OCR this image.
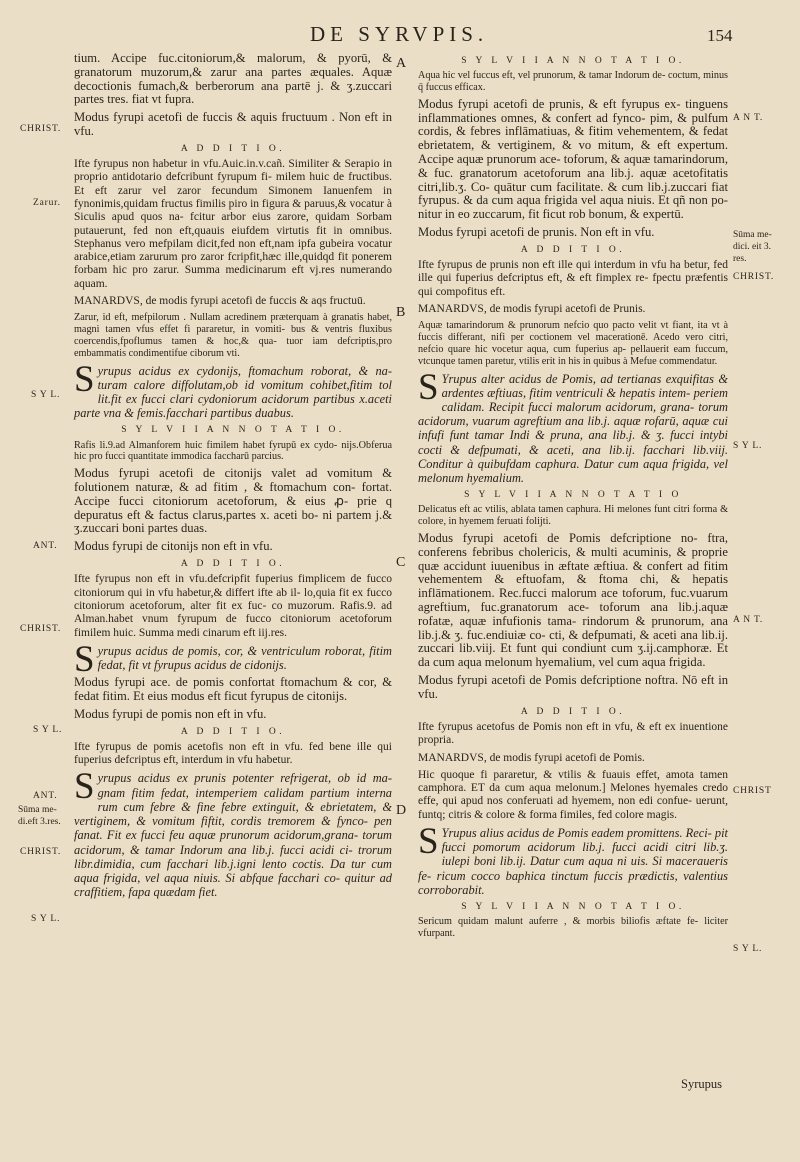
DE SYRVPIS.	154
CHRIST.
Zarur.
S Y L.
ANT.
CHRIST.
S Y L.
ANT.
Sūma me-
di.eft 3.res.
CHRIST.
S Y L.
A
B
C
D
A N T.
Sūma me-
dici. eit 3.
res.
CHRIST.
S Y L.
A N T.
CHRIST
S Y L.
tium. Accipe fuc.citoniorum,& malorum, & pyorū, & granatorum muzorum,& zarur ana partes æquales. Aquæ decoctionis fumach,& berberorum ana partē j. & ʒ.zuccari partes tres. fiat vt fupra.
Modus fyrupi acetofi de fuccis & aquis fructuum . Non eft in vfu.
A D D I T I O.
Ifte fyrupus non habetur in vfu.Auic.in.v.cañ. Similiter & Serapio in proprio antidotario defcribunt fyrupum fi- milem huic de fructibus. Et eft zarur vel zaror fecundum Simonem Ianuenfem in fynonimis,quidam fructus fimilis piro in figura & paruus,& vocatur à Siculis apud quos na- fcitur arbor eius zarore, quidam Sorbam putauerunt, fed non eft,quauis eiufdem virtutis fit in omnibus. Stephanus vero mefpilam dicit,fed non eft,nam ipfa gubeira vocatur arabice,etiam zarurum pro zaror fcripfit,hæc ille,quidqd fit ponerem forbam hic pro zarur. Summa medicinarum eft vj.res numerando aquam.
MANARDVS, de modis fyrupi acetofi de fuccis & aqs fructuū.
Zarur, id eft, mefpilorum . Nullam acredinem præterquam à granatis habet, magni tamen vfus effet fi pararetur, in vomiti- bus & ventris fluxibus coercendis,fpoflumus tamen & hoc,& qua- tuor iam defcriptis,pro embammatis condimentifue ciborum vti.
Syrupus acidus ex cydonijs, ftomachum roborat, & na- turam calore diffolutam,ob id vomitum cohibet,fitim tol lit.fit ex fucci clari cydoniorum acidorum partibus x.aceti parte vna & femis.facchari partibus duabus.
S Y L V I I A N N O T A T I O.
Rafis li.9.ad Almanforem huic fimilem habet fyrupū ex cydo- nijs.Obferua hic pro fucci quantitate immodica faccharū parcius.
Modus fyrupi acetofi de citonijs valet ad vomitum & folutionem naturæ, & ad fitim , & ftomachum con- fortat. Accipe fucci citoniorum acetoforum, & eius ꝓ- prie q depuratus eft & factus clarus,partes x. aceti bo- ni partem j.& ʒ.zuccari boni partes duas.
Modus fyrupi de citonijs non eft in vfu.
A D D I T I O.
Ifte fyrupus non eft in vfu.defcripfit fuperius fimplicem de fucco citoniorum qui in vfu habetur,& differt ifte ab il- lo,quia fit ex fucco citoniorum acetoforum, alter fit ex fuc- co muzorum. Rafis.9. ad Alman.habet vnum fyrupum de fucco citoniorum acetoforum fimilem huic. Summa medi cinarum eft iij.res.
Syrupus acidus de pomis, cor, & ventriculum roborat, fitim fedat, fit vt fyrupus acidus de cidonijs.
Modus fyrupi ace. de pomis confortat ftomachum & cor, & fedat fitim. Et eius modus eft ficut fyrupus de citonijs.
Modus fyrupi de pomis non eft in vfu.
A D D I T I O.
Ifte fyrupus de pomis acetofis non eft in vfu. fed bene ille qui fuperius defcriptus eft, interdum in vfu habetur.
Syrupus acidus ex prunis potenter refrigerat, ob id ma- gnam fitim fedat, intemperiem calidam partium interna rum cum febre & fine febre extinguit, & ebrietatem, & vertiginem, & vomitum fiftit, cordis tremorem & fynco- pen fanat. Fit ex fucci feu aquæ prunorum acidorum,grana- torum acidorum, & tamar Indorum ana lib.j. fucci acidi ci- trorum libr.dimidia, cum facchari lib.j.igni lento coctis. Da tur cum aqua frigida, vel aqua niuis. Si abfque facchari co- quitur ad craffitiem, fapa quædam fiet.
S Y L V I I A N N O T A T I O.
Aqua hic vel fuccus eft, vel prunorum, & tamar Indorum de- coctum, minus q̄ fuccus efficax.
Modus fyrupi acetofi de prunis, & eft fyrupus ex- tinguens inflammationes omnes, & confert ad fynco- pim, & pulfum cordis, & febres inflāmatiuas, & fitim vehementem, & fedat ebrietatem, & vertiginem, & vo mitum, & eft expertum. Accipe aquæ prunorum ace- toforum, & aquæ tamarindorum, & fuc. granatorum acetoforum ana lib.j. aquæ acetofitatis citri,lib.ʒ. Co- quātur cum facilitate. & cum lib.j.zuccari fiat fyrupus. & da cum aqua frigida vel aqua niuis. Et qñ non po- nitur in eo zuccarum, fit ficut rob bonum, & expertū.
Modus fyrupi acetofi de prunis. Non eft in vfu.
A D D I T I O.
Ifte fyrupus de prunis non eft ille qui interdum in vfu ha betur, fed ille qui fuperius defcriptus eft, & eft fimplex re- fpectu præfentis qui compofitus eft.
MANARDVS, de modis fyrupi acetofi de Prunis.
Aquæ tamarindorum & prunorum nefcio quo pacto velit vt fiant, ita vt à fuccis differant, nifi per coctionem vel macerationē. Acedo vero citri, nefcio quare hic vocetur aqua, cum fuperius ap- pellauerit eam fuccum, vtcunque tamen paretur, vtilis erit in his in quibus à Mefue commendatur.
S Yrupus alter acidus de Pomis, ad tertianas exquifitas & ardentes æftiuas, fitim ventriculi & hepatis intem- periem calidam. Recipit fucci malorum acidorum, grana- torum acidorum, vuarum agreftium ana lib.j. aquæ rofarū, aquæ cui infufi funt tamar Indi & pruna, ana lib.j. & ʒ. fucci intybi cocti & defpumati, & aceti, ana lib.ij. facchari lib.viij. Conditur à quibufdam caphura. Datur cum aqua frigida, vel melonum hyemalium.
S Y L V I I A N N O T A T I O
Delicatus eft ac vtilis, ablata tamen caphura. Hi melones funt citri forma & colore, in hyemem feruati folijti.
Modus fyrupi acetofi de Pomis defcriptione no- ftra, conferens febribus cholericis, & multi acuminis, & proprie quæ accidunt iuuenibus in æftate æftiua. & confert ad fitim vehementem & eftuofam, & ftoma chi, & hepatis inflāmationem. Rec.fucci malorum ace toforum, fuc.vuarum agreftium, fuc.granatorum ace- toforum ana lib.j.aquæ rofatæ, aquæ infufionis tama- rindorum & prunorum, ana lib.j.& ʒ. fuc.endiuiæ co- cti, & defpumati, & aceti ana lib.ij. zuccari lib.viij. Et funt qui condiunt cum ʒ.ij.camphoræ. Et da cum aqua melonum hyemalium, vel cum aqua frigida.
Modus fyrupi acetofi de Pomis defcriptione noftra. Nō eft in vfu.
A D D I T I O.
Ifte fyrupus acetofus de Pomis non eft in vfu, & eft ex inuentione propria.
MANARDVS, de modis fyrupi acetofi de Pomis.
Hic quoque fi pararetur, & vtilis & fuauis effet, amota tamen camphora. ET da cum aqua melonum.] Melones hyemales credo effe, qui apud nos conferuati ad hyemem, non edi confue- uerunt, funtq; citris & colore & forma fimiles, fed colore magis.
S Yrupus alius acidus de Pomis eadem promittens. Reci- pit fucci pomorum acidorum lib.j. fucci acidi citri lib.ʒ. iulepi boni lib.ij. Datur cum aqua ni uis. Si maceraueris fe- ricum cocco baphica tinctum fuccis prædictis, valentius corroborabit.
S Y L V I I A N N O T A T I O.
Sericum quidam malunt auferre , & morbis biliofis æftate fe- liciter vfurpant.
Syrupus
